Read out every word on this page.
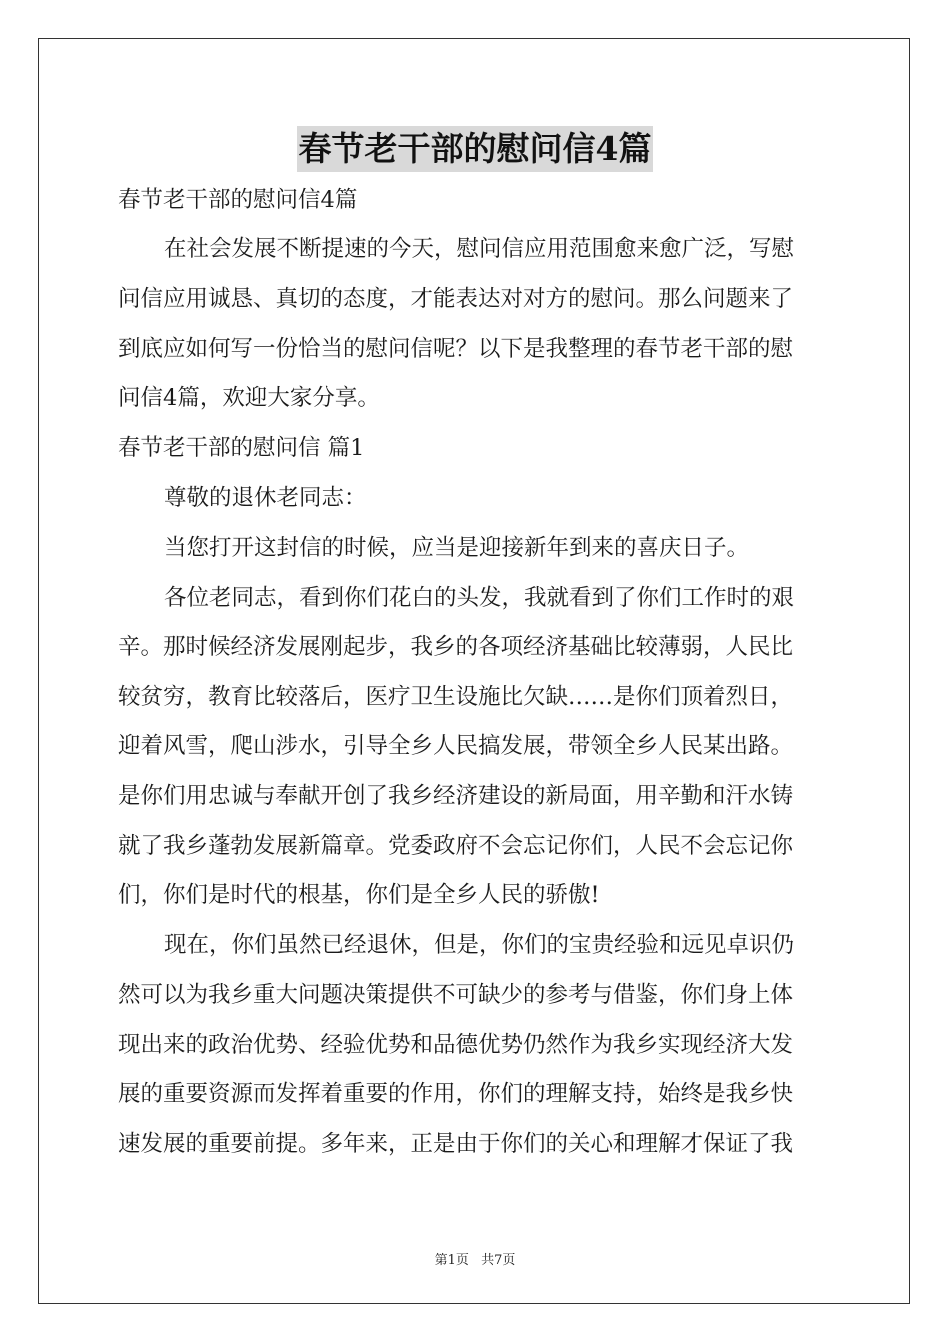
春节老干部的慰问信4篇
春节老干部的慰问信4篇
在社会发展不断提速的今天，慰问信应用范围愈来愈广泛，写慰
问信应用诚恳、真切的态度，才能表达对对方的慰问。那么问题来了
到底应如何写一份恰当的慰问信呢？以下是我整理的春节老干部的慰
问信4篇，欢迎大家分享。
春节老干部的慰问信 篇1
尊敬的退休老同志：
当您打开这封信的时候，应当是迎接新年到来的喜庆日子。
各位老同志，看到你们花白的头发，我就看到了你们工作时的艰
辛。那时候经济发展刚起步，我乡的各项经济基础比较薄弱，人民比
较贫穷，教育比较落后，医疗卫生设施比欠缺……是你们顶着烈日，
迎着风雪，爬山涉水，引导全乡人民搞发展，带领全乡人民某出路。
是你们用忠诚与奉献开创了我乡经济建设的新局面，用辛勤和汗水铸
就了我乡蓬勃发展新篇章。党委政府不会忘记你们，人民不会忘记你
们，你们是时代的根基，你们是全乡人民的骄傲!
现在，你们虽然已经退休，但是，你们的宝贵经验和远见卓识仍
然可以为我乡重大问题决策提供不可缺少的参考与借鉴，你们身上体
现出来的政治优势、经验优势和品德优势仍然作为我乡实现经济大发
展的重要资源而发挥着重要的作用，你们的理解支持，始终是我乡快
速发展的重要前提。多年来，正是由于你们的关心和理解才保证了我
第1页 共7页
